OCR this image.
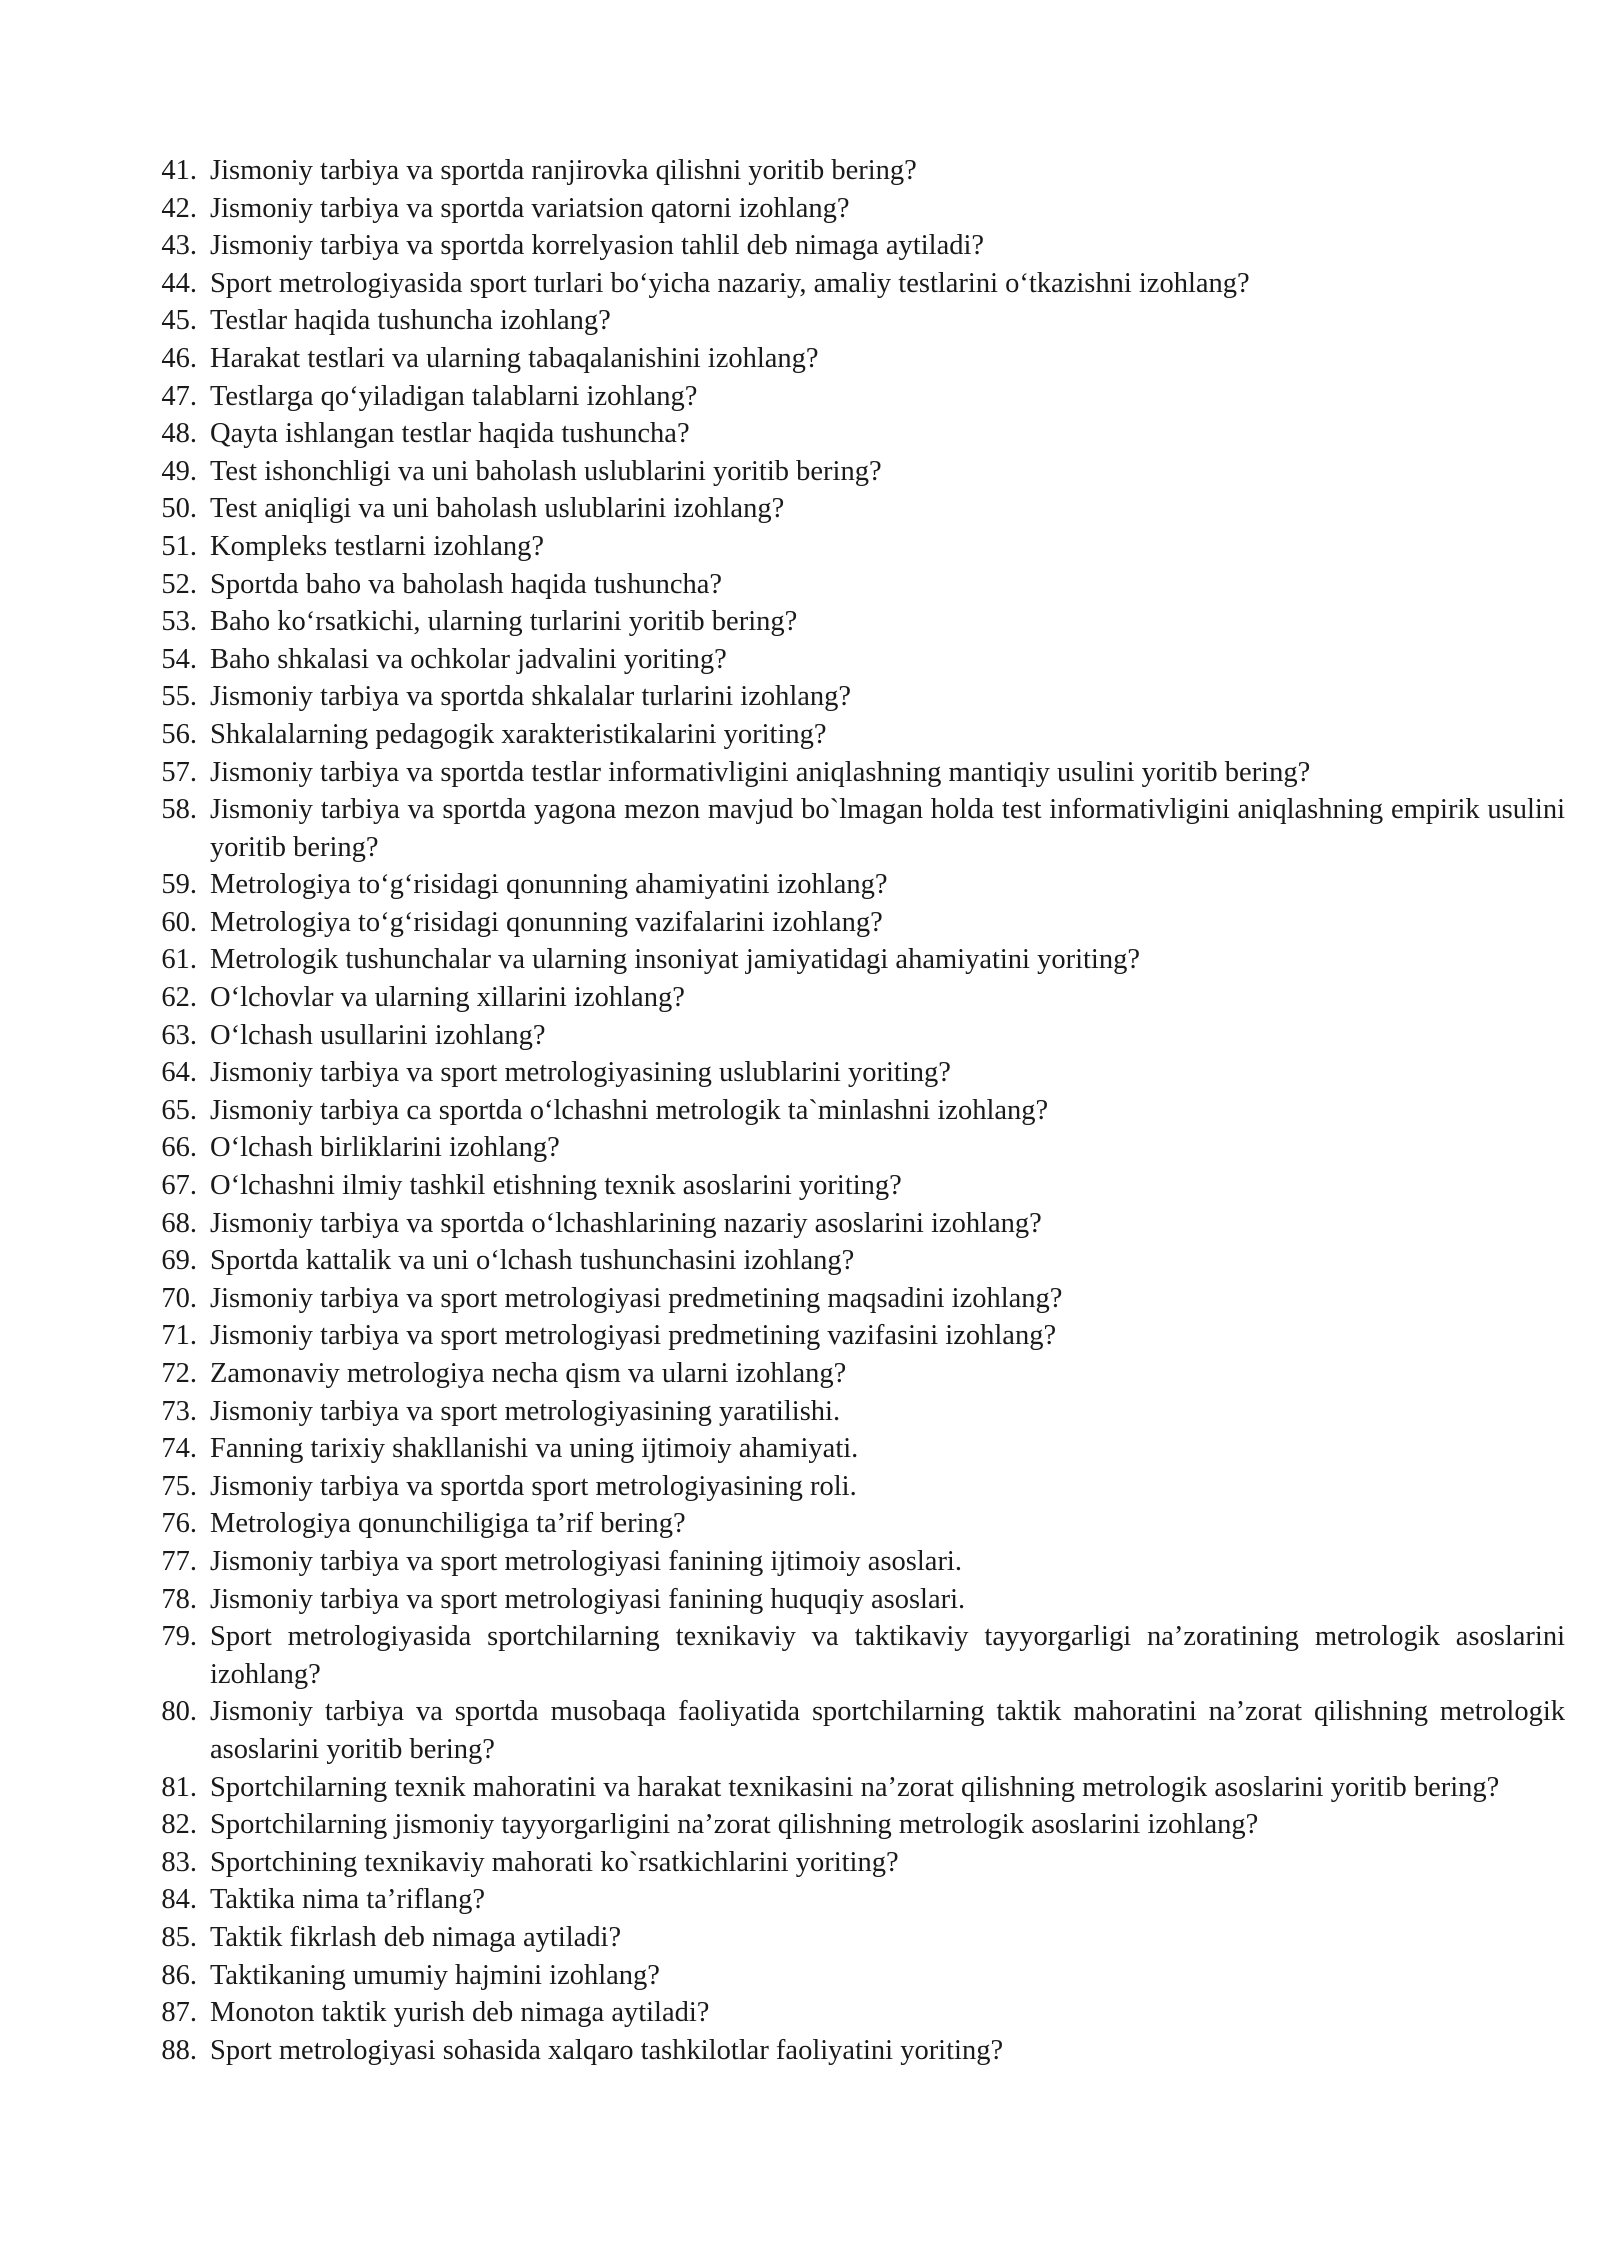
41. Jismoniy tarbiya va sportda ranjirovka qilishni yoritib bering?
42. Jismoniy tarbiya va sportda variatsion qatorni izohlang?
43. Jismoniy tarbiya va sportda korrelyasion tahlil deb nimaga aytiladi?
44. Sport metrologiyasida sport turlari bo‘yicha nazariy, amaliy testlarini o‘tkazishni izohlang?
45. Testlar haqida tushuncha izohlang?
46. Harakat testlari va ularning tabaqalanishini izohlang?
47. Testlarga qo‘yiladigan talablarni izohlang?
48. Qayta ishlangan testlar haqida tushuncha?
49. Test ishonchligi va uni baholash uslublarini yoritib bering?
50. Test aniqligi va uni baholash uslublarini izohlang?
51. Kompleks testlarni izohlang?
52. Sportda baho va baholash haqida tushuncha?
53. Baho ko‘rsatkichi, ularning turlarini yoritib bering?
54. Baho shkalasi va ochkolar jadvalini yoriting?
55. Jismoniy tarbiya va sportda shkalalar turlarini izohlang?
56. Shkalalarning pedagogik xarakteristikalarini yoriting?
57. Jismoniy tarbiya va sportda testlar informativligini aniqlashning mantiqiy usulini yoritib bering?
58. Jismoniy tarbiya va sportda yagona mezon mavjud bo`lmagan holda test informativligini aniqlashning empirik usulini yoritib bering?
59. Metrologiya to‘g‘risidagi qonunning ahamiyatini izohlang?
60. Metrologiya to‘g‘risidagi qonunning vazifalarini izohlang?
61. Metrologik tushunchalar va ularning insoniyat jamiyatidagi ahamiyatini yoriting?
62. O‘lchovlar va ularning xillarini izohlang?
63. O‘lchash usullarini izohlang?
64. Jismoniy tarbiya va sport metrologiyasining uslublarini yoriting?
65. Jismoniy tarbiya ca sportda o‘lchashni metrologik ta`minlashni izohlang?
66. O‘lchash birliklarini izohlang?
67. O‘lchashni ilmiy tashkil etishning texnik asoslarini yoriting?
68. Jismoniy tarbiya va sportda o‘lchashlarining nazariy asoslarini izohlang?
69. Sportda kattalik va uni o‘lchash tushunchasini izohlang?
70. Jismoniy tarbiya va sport metrologiyasi predmetining maqsadini izohlang?
71. Jismoniy tarbiya va sport metrologiyasi predmetining vazifasini izohlang?
72. Zamonaviy metrologiya necha qism va ularni izohlang?
73. Jismoniy tarbiya va sport metrologiyasining yaratilishi.
74. Fanning tarixiy shakllanishi va uning ijtimoiy ahamiyati.
75. Jismoniy tarbiya va sportda sport metrologiyasining roli.
76. Metrologiya qonunchiligiga ta’rif bering?
77. Jismoniy tarbiya va sport metrologiyasi fanining ijtimoiy asoslari.
78. Jismoniy tarbiya va sport metrologiyasi fanining huquqiy asoslari.
79. Sport metrologiyasida sportchilarning texnikaviy va taktikaviy tayyorgarligi na’zoratining metrologik asoslarini izohlang?
80. Jismoniy tarbiya va sportda musobaqa faoliyatida sportchilarning taktik mahoratini na’zorat qilishning metrologik asoslarini yoritib bering?
81. Sportchilarning texnik mahoratini va harakat texnikasini na’zorat qilishning metrologik asoslarini yoritib bering?
82. Sportchilarning jismoniy tayyorgarligini na’zorat qilishning metrologik asoslarini izohlang?
83. Sportchining texnikaviy mahorati ko`rsatkichlarini yoriting?
84. Taktika nima ta’riflang?
85. Taktik fikrlash deb nimaga aytiladi?
86. Taktikaning umumiy hajmini izohlang?
87. Monoton taktik yurish deb nimaga aytiladi?
88. Sport metrologiyasi sohasida xalqaro tashkilotlar faoliyatini yoriting?
